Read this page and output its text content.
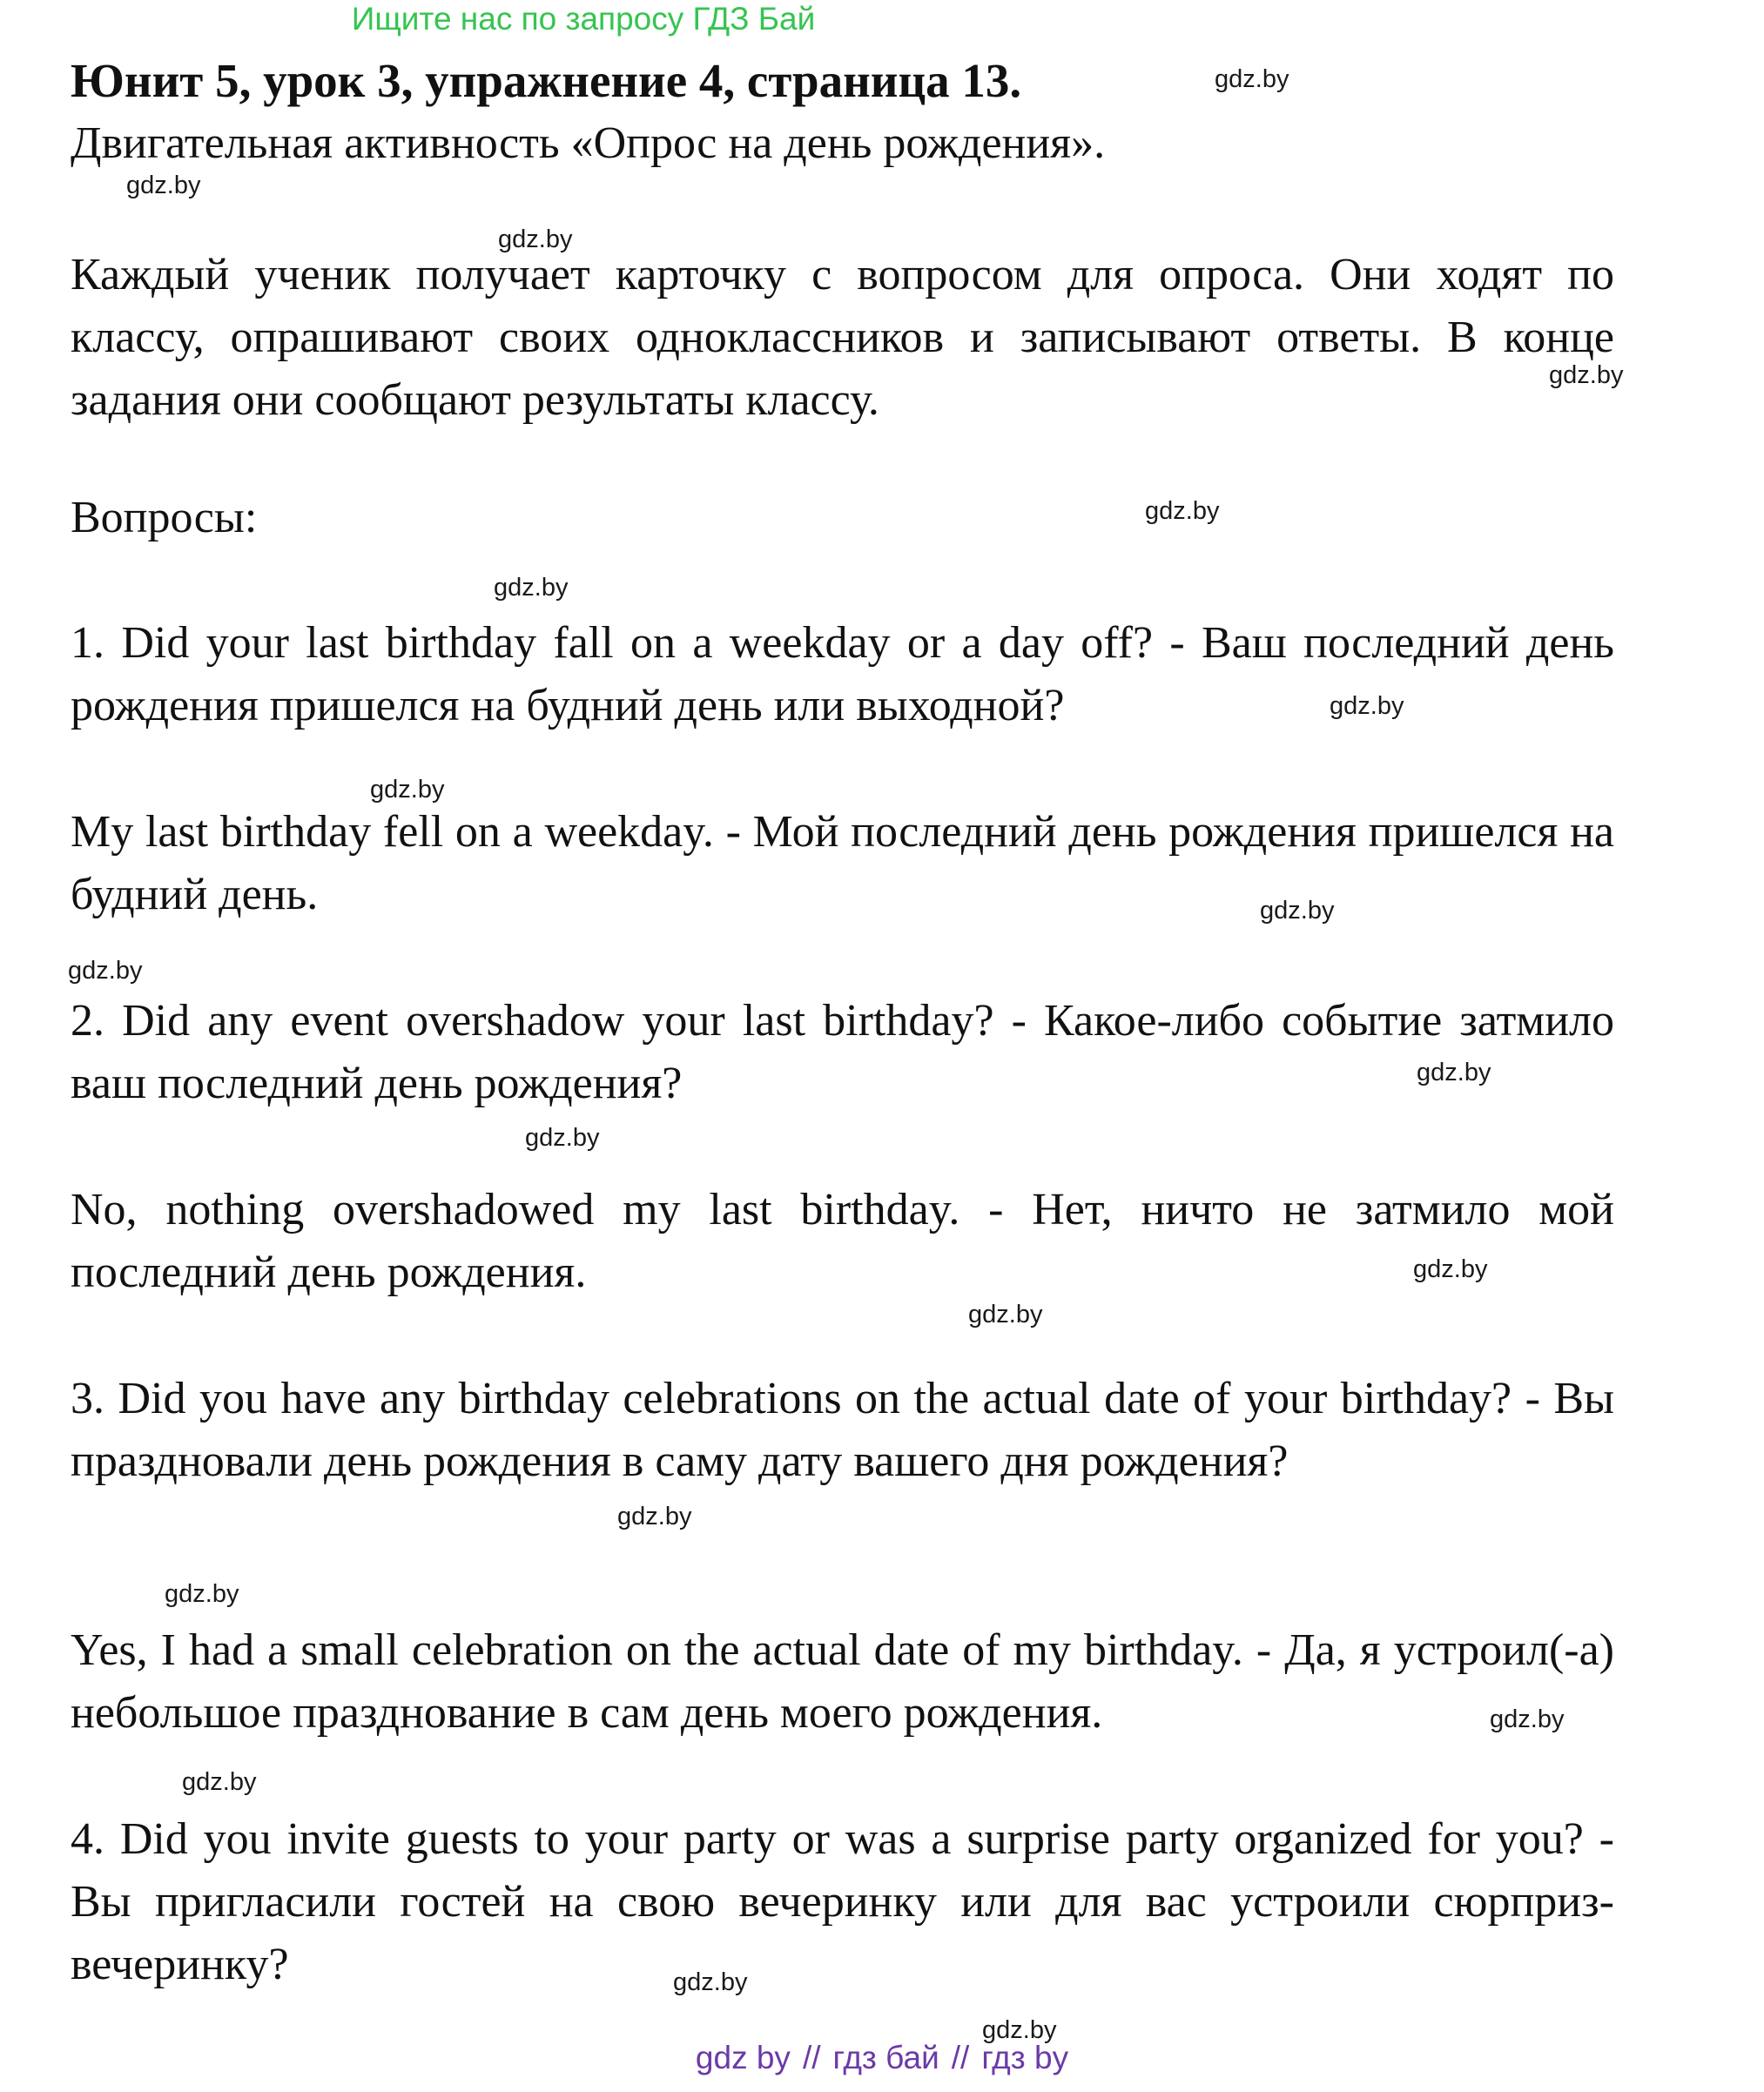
Ищите нас по запросу ГДЗ Бай
Юнит 5, урок 3, упражнение 4, страница 13.

Двигательная активность «Опрос на день рождения».

Каждый ученик получает карточку с вопросом для опроса. Они ходят по классу, опрашивают своих одноклассников и записывают ответы. В конце задания они сообщают результаты классу.

Вопросы:

1. Did your last birthday fall on a weekday or a day off? - Ваш последний день рождения пришелся на будний день или выходной?

My last birthday fell on a weekday. - Мой последний день рождения пришелся на будний день.

2. Did any event overshadow your last birthday? - Какое-либо событие затмило ваш последний день рождения?

No, nothing overshadowed my last birthday. - Нет, ничто не затмило мой последний день рождения.

3. Did you have any birthday celebrations on the actual date of your birthday? - Вы праздновали день рождения в саму дату вашего дня рождения?

Yes, I had a small celebration on the actual date of my birthday. - Да, я устроил(-а) небольшое празднование в сам день моего рождения.

4. Did you invite guests to your party or was a surprise party organized for you? - Вы пригласили гостей на свою вечеринку или для вас устроили сюрприз-вечеринку?

gdz.by
gdz.by
gdz.by
gdz.by
gdz.by
gdz.by
gdz.by
gdz.by
gdz.by
gdz.by
gdz.by
gdz.by
gdz.by
gdz.by
gdz.by
gdz.by
gdz.by
gdz.by
gdz.by
gdz.by
gdz by // гдз бай // гдз by
